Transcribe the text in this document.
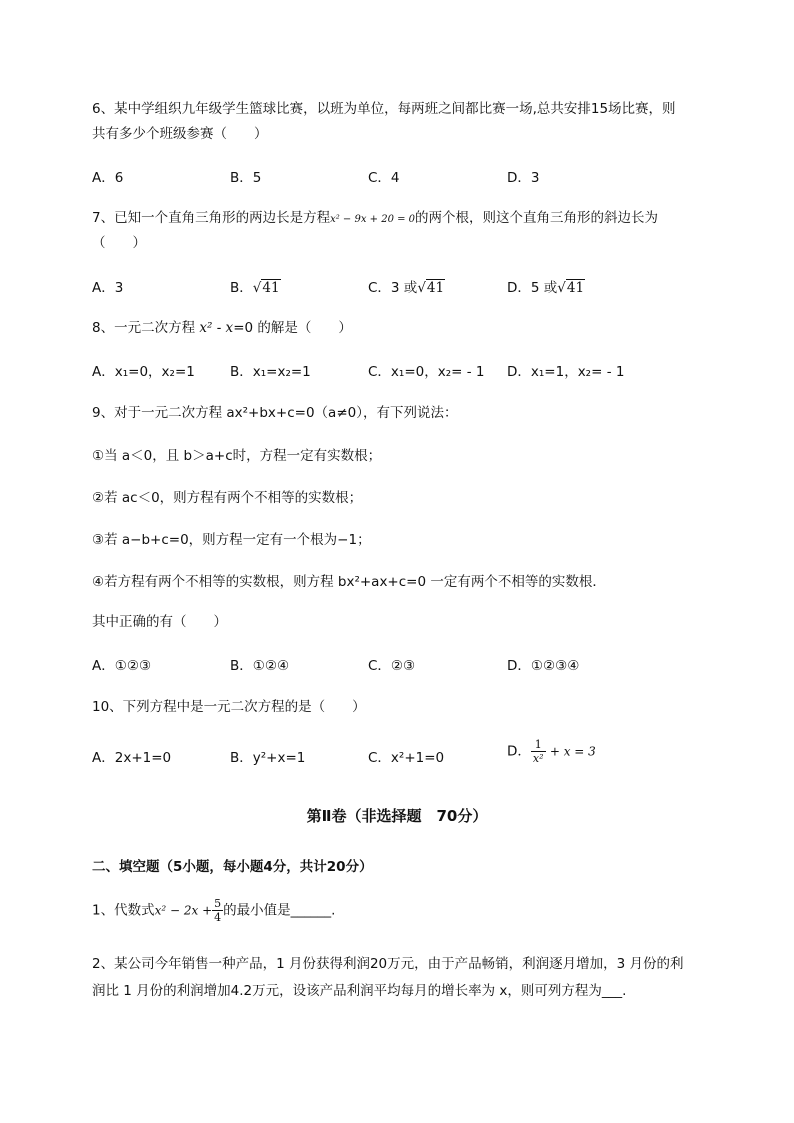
6、某中学组织九年级学生篮球比赛，以班为单位，每两班之间都比赛一场,总共安排15场比赛，则
共有多少个班级参赛（　　）
A．6	B．5	C．4	D．3
7、已知一个直角三角形的两边长是方程x² − 9x + 20 = 0的两个根，则这个直角三角形的斜边长为
（　　）
A．3	B．√41	C．3 或√41	D．5 或√41
8、一元二次方程 x² - x=0 的解是（　　）
A．x₁=0，x₂=1	B．x₁=x₂=1	C．x₁=0，x₂= - 1 D．x₁=1，x₂= - 1
9、对于一元二次方程 ax²+bx+c=0（a≠0），有下列说法：
①当 a＜0，且 b＞a+c时，方程一定有实数根；
②若 ac＜0，则方程有两个不相等的实数根；
③若 a−b+c=0，则方程一定有一个根为−1；
④若方程有两个不相等的实数根，则方程 bx²+ax+c=0 一定有两个不相等的实数根．
其中正确的有（　　）
A．①②③	B．①②④	C．②③	D．①②③④
10、下列方程中是一元二次方程的是（　　）
A．2x+1=0	B．y²+x=1	C．x²+1=0	D． $\frac{1}{\text{x²}} + x = 3$
第Ⅱ卷（非选择题　70分）
二、填空题（5小题，每小题4分，共计20分）
1、代数式$x^2 - 2x + \frac{5}{4}$ 的最小值是______.
2、某公司今年销售一种产品，1 月份获得利润20万元，由于产品畅销，利润逐月增加，3 月份的利
润比 1 月份的利润增加4.2万元，设该产品利润平均每月的增长率为 x，则可列方程为___.
